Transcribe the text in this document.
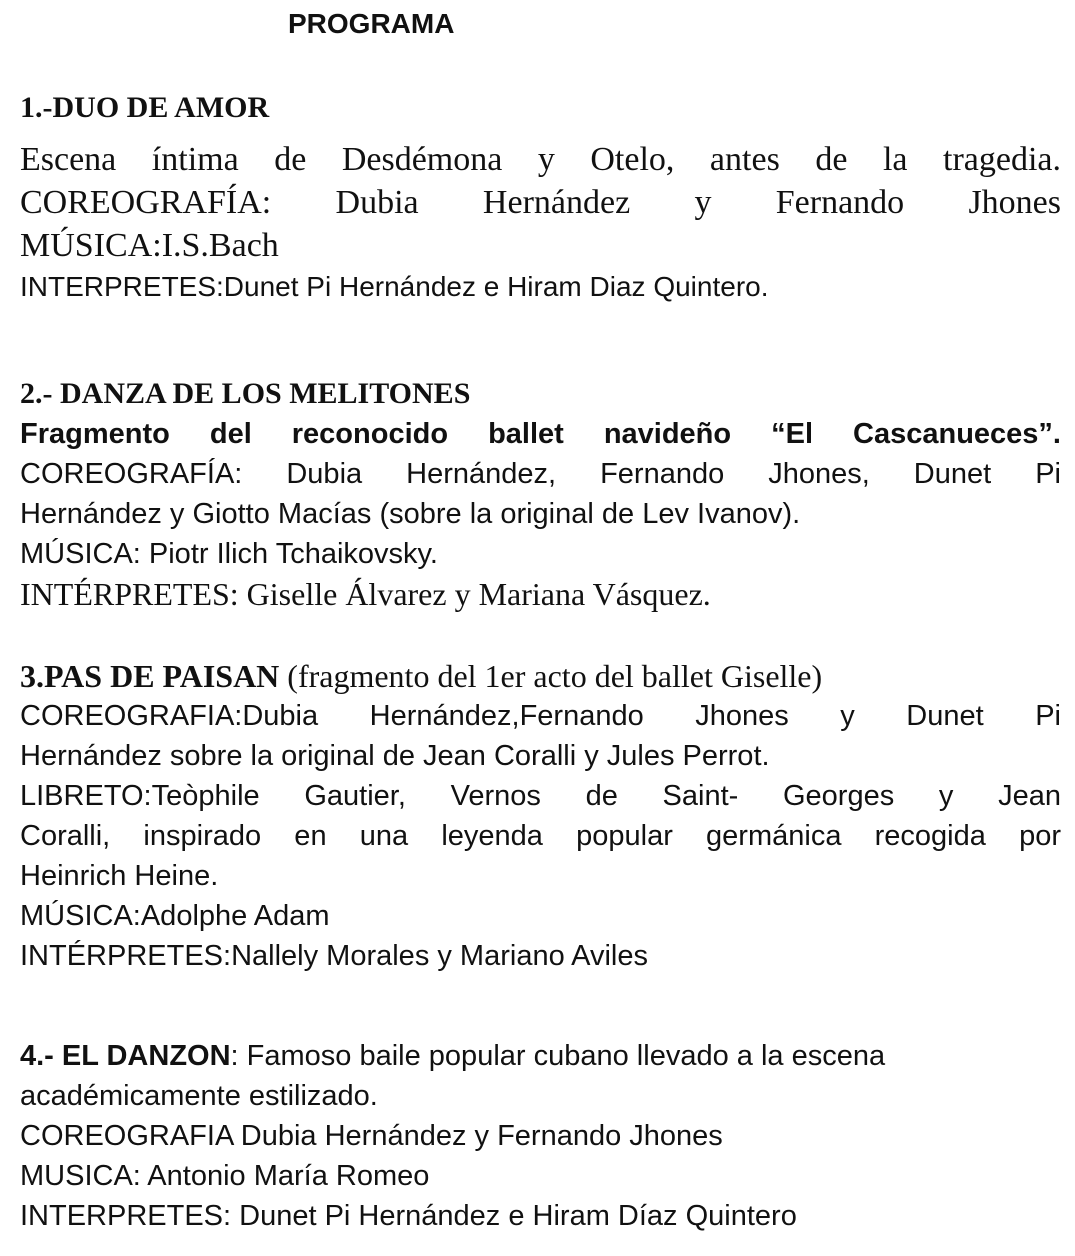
PROGRAMA

1.-DUO DE AMOR

Escena íntima de Desdémona y Otelo, antes de la tragedia.

COREOGRAFÍA: Dubia Hernández y Fernando Jhones

MÚSICA:I.S.Bach

INTERPRETES:Dunet Pi Hernández e Hiram Diaz Quintero.

2.- DANZA DE LOS MELITONES

Fragmento del reconocido ballet navideño “El Cascanueces”.

COREOGRAFÍA: Dubia Hernández, Fernando Jhones, Dunet Pi

Hernández y Giotto Macías (sobre la original de Lev Ivanov).

MÚSICA: Piotr Ilich Tchaikovsky.

INTÉRPRETES: Giselle Álvarez y Mariana Vásquez.

3.PAS DE PAISAN (fragmento del 1er acto del ballet Giselle)

COREOGRAFIA:Dubia Hernández,Fernando Jhones y Dunet Pi

Hernández sobre la original de Jean Coralli y Jules Perrot.

LIBRETO:Teòphile Gautier, Vernos de Saint- Georges y Jean

Coralli, inspirado en una leyenda popular germánica recogida por

Heinrich Heine.

MÚSICA:Adolphe Adam

INTÉRPRETES:Nallely Morales y Mariano Aviles

4.- EL DANZON: Famoso baile popular cubano llevado a la escena

académicamente estilizado.

COREOGRAFIA Dubia Hernández y Fernando Jhones

MUSICA: Antonio María Romeo

INTERPRETES: Dunet Pi Hernández e Hiram Díaz Quintero
